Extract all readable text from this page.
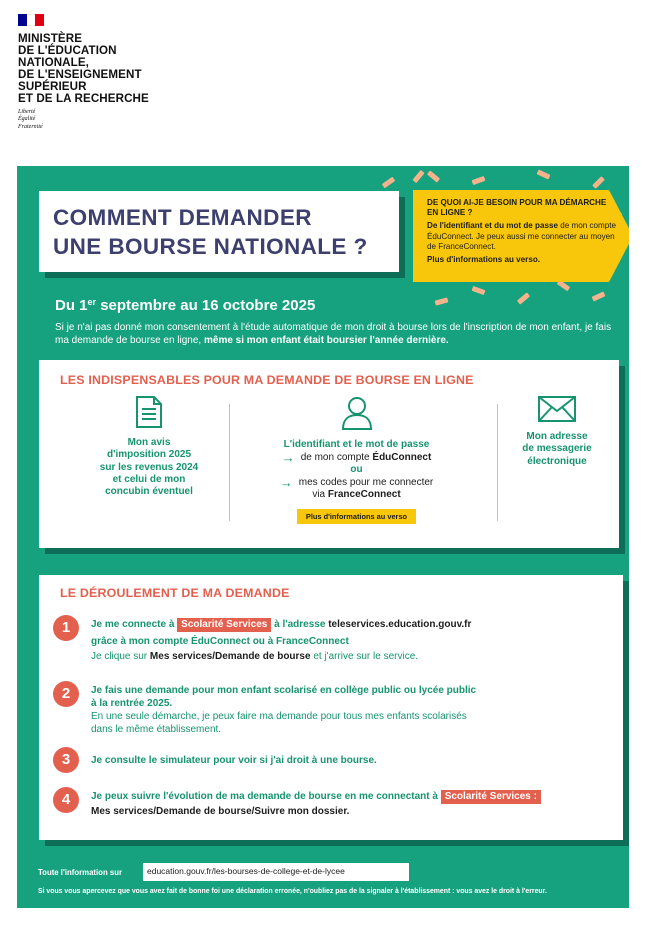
MINISTÈRE
DE L'ÉDUCATION
NATIONALE,
DE L'ENSEIGNEMENT
SUPÉRIEUR
ET DE LA RECHERCHE
Liberté
Égalité
Fraternité
COMMENT DEMANDER
UNE BOURSE NATIONALE ?
DE QUOI AI-JE BESOIN POUR MA DÉMARCHE EN LIGNE ?
De l'identifiant et du mot de passe de mon compte ÉduConnect. Je peux aussi me connecter au moyen de FranceConnect.
Plus d'informations au verso.
Du 1er septembre au 16 octobre 2025
Si je n'ai pas donné mon consentement à l'étude automatique de mon droit à bourse lors de l'inscription de mon enfant, je fais ma demande de bourse en ligne, même si mon enfant était boursier l'année dernière.
LES INDISPENSABLES POUR MA DEMANDE DE BOURSE EN LIGNE
Mon avis
d'imposition 2025
sur les revenus 2024
et celui de mon
concubin éventuel
L'identifiant et le mot de passe
→ de mon compte ÉduConnect
ou
→ mes codes pour me connecter
via FranceConnect
Plus d'informations au verso
Mon adresse
de messagerie
électronique
LE DÉROULEMENT DE MA DEMANDE
1	Je me connecte à Scolarité Services à l'adresse teleservices.education.gouv.fr
grâce à mon compte ÉduConnect ou à FranceConnect
Je clique sur Mes services/Demande de bourse et j'arrive sur le service.
2	Je fais une demande pour mon enfant scolarisé en collège public ou lycée public
à la rentrée 2025.
En une seule démarche, je peux faire ma demande pour tous mes enfants scolarisés
dans le même établissement.
3	Je consulte le simulateur pour voir si j'ai droit à une bourse.
4	Je peux suivre l'évolution de ma demande de bourse en me connectant à Scolarité Services :
Mes services/Demande de bourse/Suivre mon dossier.
Toute l'information sur	education.gouv.fr/les-bourses-de-college-et-de-lycee
Si vous vous apercevez que vous avez fait de bonne foi une déclaration erronée, n'oubliez pas de la signaler à l'établissement : vous avez le droit à l'erreur.
